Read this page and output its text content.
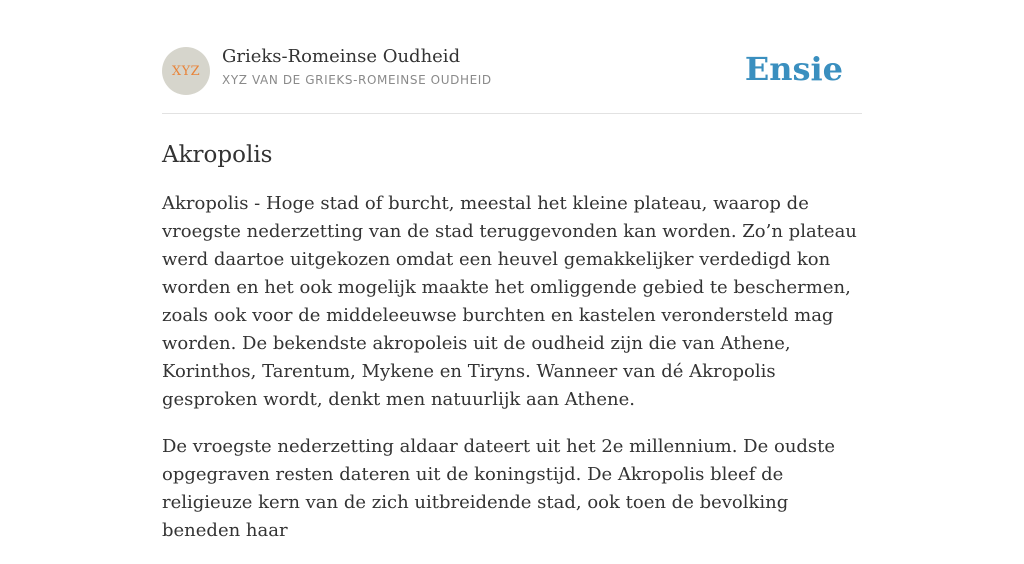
XYZ
Grieks-Romeinse Oudheid
XYZ VAN DE GRIEKS-ROMEINSE OUDHEID	Ensie
Akropolis

Akropolis - Hoge stad of burcht, meestal het kleine plateau, waarop de vroegste nederzetting van de stad teruggevonden kan worden. Zo’n plateau werd daartoe uitgekozen omdat een heuvel gemakkelijker verdedigd kon worden en het ook mogelijk maakte het omliggende gebied te beschermen, zoals ook voor de middeleeuwse burchten en kastelen verondersteld mag worden. De bekendste akropoleis uit de oudheid zijn die van Athene, Korinthos, Tarentum, Mykene en Tiryns. Wanneer van dé Akropolis gesproken wordt, denkt men natuurlijk aan Athene.

De vroegste nederzetting aldaar dateert uit het 2e millennium. De oudste opgegraven resten dateren uit de koningstijd. De Akropolis bleef de religieuze kern van de zich uitbreidende stad, ook toen de bevolking beneden haar
